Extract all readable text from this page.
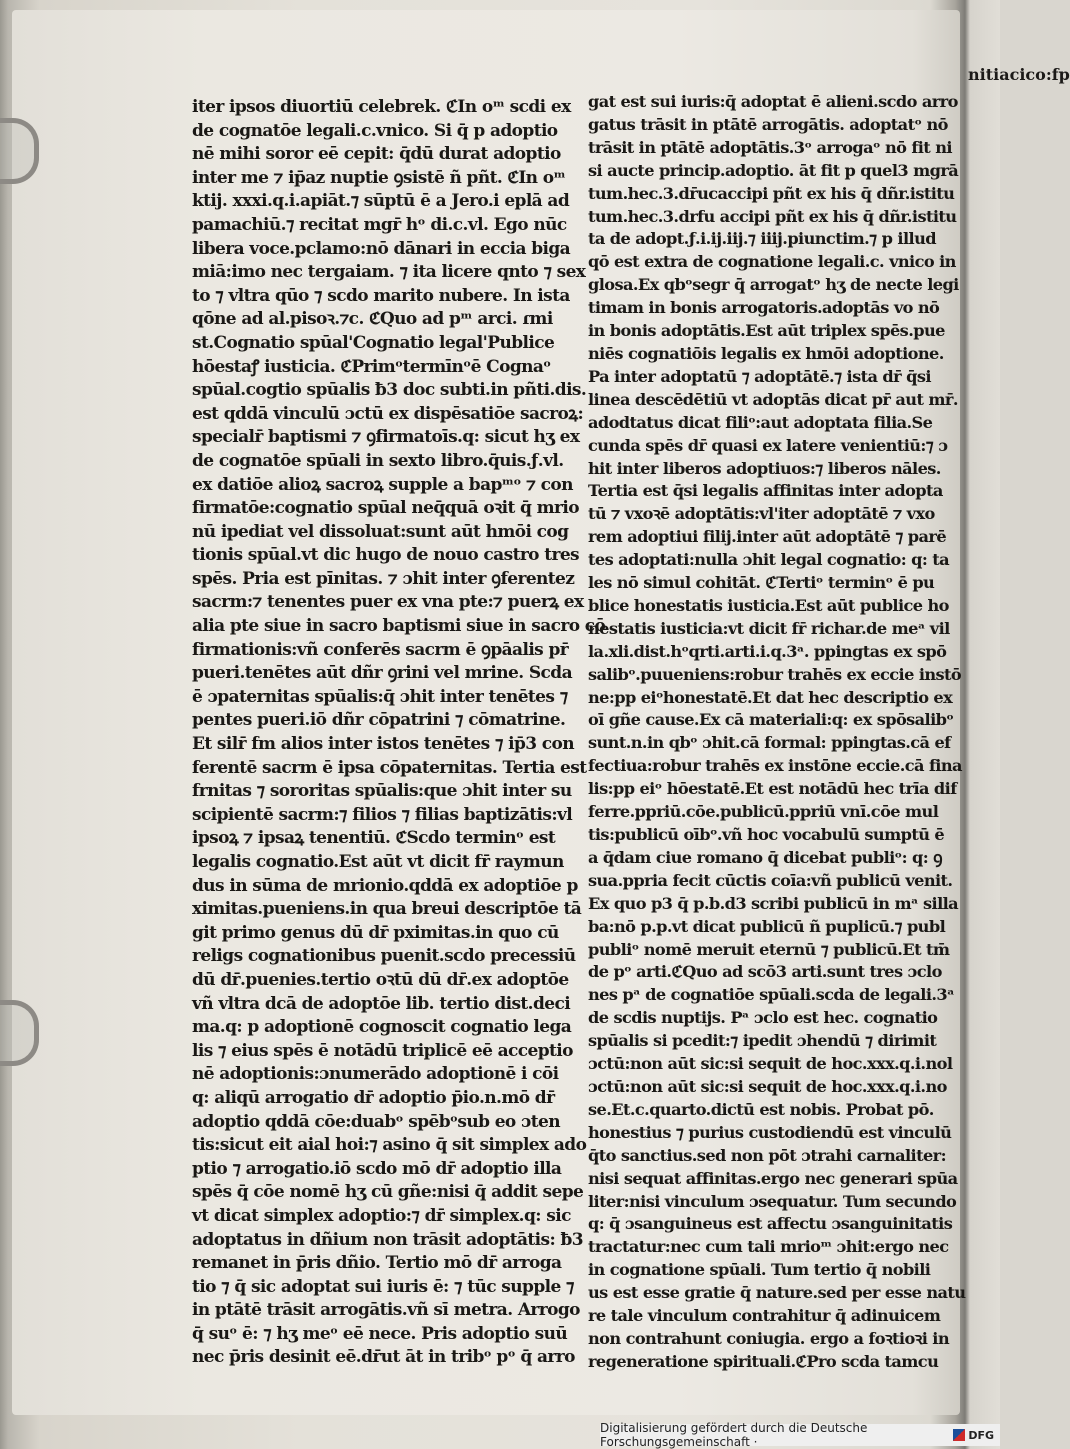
iter ipsos diuortiū celebrek. ℭIn oᵐ scdi ex
de cognatōe legali.c.vnico. Si q̄ p adoptio
nē mihi soror eē cepit: q̄dū durat adoptio
inter me ⁊ ip̄az nuptie ꝯsistē ñ pñt. ℭIn oᵐ
ktij. xxxi.q.i.apiāt.⁊ sūptū ē a Jero.i eplā ad
pamachiū.⁊ recitat mgr̄ hᵒ di.c.vl. Ego nūc
libera voce.pclamo:nō dānari in eccia biga
miā:imo nec tergaiam. ⁊ ita licere qnto ⁊ sex
to ⁊ vltra qūo ⁊ scdo marito nubere. In ista
qōne ad al.pisoꝛ.⁊c. ℭQuo ad pᵐ arci. ɾmi
st.Cognatio spūal'Cognatio legal'Publice
hōestaꝭ iusticia. ℭPrimᵒtermīnᵒē Cognaᵒ
spūal.cogtio spūalis ƀ3 doc subti.in pñti.dis.
est qddā vinculū ɔctū ex dispēsatiōe sacroꝝ:
specialr̄ baptismi ⁊ ꝯfirmatoīs.q: sicut hʒ ex
de cognatōe spūali in sexto libro.q̄uis.ƒ.vl.
ex datiōe alioꝝ sacroꝝ supple a bapᵐᵒ ⁊ con
firmatōe:cognatio spūal neq̄quā oꝛit q̄ mrio
nū ipediat vel dissoluat:sunt aūt hmōi cog
tionis spūal.vt dic hugo de nouo castro tres
spēs. Pria est pīnitas. ⁊ ɔhit inter ꝯferentez
sacrm:⁊ tenentes puer ex vna pte:⁊ puerꝝ ex
alia pte siue in sacro baptismi siue in sacro cō
firmationis:vñ conferēs sacrm ē ꝯpāalis pr̄
pueri.tenētes aūt dñr ꝯrini vel mrine. Scda
ē ɔpaternitas spūalis:q̄ ɔhit inter tenētes ⁊
pentes pueri.iō dñr cōpatrini ⁊ cōmatrine.
Et silr̄ fm alios inter istos tenētes ⁊ ip̄3 con
ferentē sacrm ē ipsa cōpaternitas. Tertia est
frnitas ⁊ sororitas spūalis:que ɔhit inter su
scipientē sacrm:⁊ filios ⁊ filias baptizātis:vl
ipsoꝝ ⁊ ipsaꝝ tenentiū. ℭScdo terminᵒ est
legalis cognatio.Est aūt vt dicit fr̄ raymun
dus in sūma de mrionio.qddā ex adoptiōe p
ximitas.pueniens.in qua breui descriptōe tā
git primo genus dū dr̄ pximitas.in quo cū
religs cognationibus puenit.scdo precessiū
dū dr̄.puenies.tertio oꝛtū dū dr̄.ex adoptōe
vñ vltra dcā de adoptōe lib. tertio dist.deci
ma.q: p adoptionē cognoscit cognatio lega
lis ⁊ eius spēs ē notādū triplicē eē acceptio
nē adoptionis:ɔnumerādo adoptionē i cōi
q: aliqū arrogatio dr̄ adoptio p̄io.n.mō dr̄
adoptio qddā cōe:duabᵒ spēbᵒsub eo ɔten
tis:sicut eit aial hoi:⁊ asino q̄ sit simplex ado
ptio ⁊ arrogatio.iō scdo mō dr̄ adoptio illa
spēs q̄ cōe nomē hʒ cū gñe:nisi q̄ addit sepe
vt dicat simplex adoptio:⁊ dr̄ simplex.q: sic
adoptatus in dñium non trāsit adoptātis: ƀ3
remanet in p̄ris dñio. Tertio mō dr̄ arroga
tio ⁊ q̄ sic adoptat sui iuris ē: ⁊ tūc supple ⁊
in ptātē trāsit arrogātis.vñ sī metra. Arrogo
q̄ suᵒ ē: ⁊ hʒ meᵒ eē nece. Pris adoptio suū
nec p̄ris desinit eē.dr̄ut āt in tribᵒ pᵒ q̄ arro
gat est sui iuris:q̄ adoptat ē alieni.scdo arro
gatus trāsit in ptātē arrogātis. adoptatᵒ nō
trāsit in ptātē adoptātis.3ᵒ arrogaᵒ nō fit ni
si aucte princip.adoptio. āt fit p quel3 mgrā
tum.hec.3.dr̄ucaccipi pñt ex his q̄ dñr.istitu
tum.hec.3.drfu accipi pñt ex his q̄ dñr.istitu
ta de adopt.ƒ.i.ij.iij.⁊ iiij.piunctim.⁊ p illud
qō est extra de cognatione legali.c. vnico in
glosa.Ex qbᵒsegr q̄ arrogatᵒ hʒ de necte legi
timam in bonis arrogatoris.adoptās vo nō
in bonis adoptātis.Est aūt triplex spēs.pue
niēs cognatiōis legalis ex hmōi adoptione.
Pa inter adoptatū ⁊ adoptātē.⁊ ista dr̄ q̄si
linea descēdētiū vt adoptās dicat pr̄ aut mr̄.
adodtatus dicat filiᵒ:aut adoptata filia.Se
cunda spēs dr̄ quasi ex latere venientiū:⁊ ɔ
hit inter liberos adoptiuos:⁊ liberos nāles.
Tertia est q̄si legalis affinitas inter adopta
tū ⁊ vxoꝛē adoptātis:vl'iter adoptātē ⁊ vxo
rem adoptiui filij.inter aūt adoptātē ⁊ parē
tes adoptati:nulla ɔhit legal cognatio: q: ta
les nō simul cohitāt. ℭTertiᵒ terminᵒ ē pu
blice honestatis iusticia.Est aūt publice ho
nestatis iusticia:vt dicit fr̄ richar.de meᵃ vil
la.xli.dist.hᵒqrti.arti.i.q.3ᵃ. ppingtas ex spō
salibᵒ.puueniens:robur trahēs ex eccie instō
ne:pp eiᵒhonestatē.Et dat hec descriptio ex
oī gñe cause.Ex cā materiali:q: ex spōsalibᵒ
sunt.n.in qbᵒ ɔhit.cā formal: ppingtas.cā ef
fectiua:robur trahēs ex instōne eccie.cā fina
lis:pp eiᵒ hōestatē.Et est notādū hec trīa dif
ferre.ppriū.cōe.publicū.ppriū vnī.cōe mul
tis:publicū oībᵒ.vñ hoc vocabulū sumptū ē
a q̄dam ciue romano q̄ dicebat publiᵒ: q: ꝯ
sua.ppria fecit cūctis coīa:vñ publicū venit.
Ex quo p3 q̄ p.b.d3 scribi publicū in mᵃ silla
ba:nō p.p.vt dicat publicū ñ puplicū.⁊ publ
publiᵒ nomē meruit eternū ⁊ publicū.Et tm̄
de pᵒ arti.ℭQuo ad scō3 arti.sunt tres ɔclo
nes pᵃ de cognatiōe spūali.scda de legali.3ᵃ
de scdis nuptijs. Pᵃ ɔclo est hec. cognatio
spūalis si pcedit:⁊ ipedit ɔhendū ⁊ dirimit
ɔctū:non aūt sic:si sequit de hoc.xxx.q.i.nol
ɔctū:non aūt sic:si sequit de hoc.xxx.q.i.no
se.Et.c.quarto.dictū est nobis. Probat pō.
honestius ⁊ purius custodiendū est vinculū
q̄to sanctius.sed non pōt ɔtrahi carnaliter:
nisi sequat affinitas.ergo nec generari spūa
liter:nisi vinculum ɔsequatur. Tum secundo
q: q̄ ɔsanguineus est affectu ɔsanguinitatis
tractatur:nec cum tali mrioᵐ ɔhit:ergo nec
in cognatione spūali. Tum tertio q̄ nobili
us est esse gratie q̄ nature.sed per esse natu
re tale vinculum contrahitur q̄ adinuicem
non contrahunt coniugia. ergo a foꝛtioꝛi in
regeneratione spirituali.ℭPro scda tamcu
nitiacico:fp
Digitalisierung gefördert durch die Deutsche Forschungsgemeinschaft ·	DFG
